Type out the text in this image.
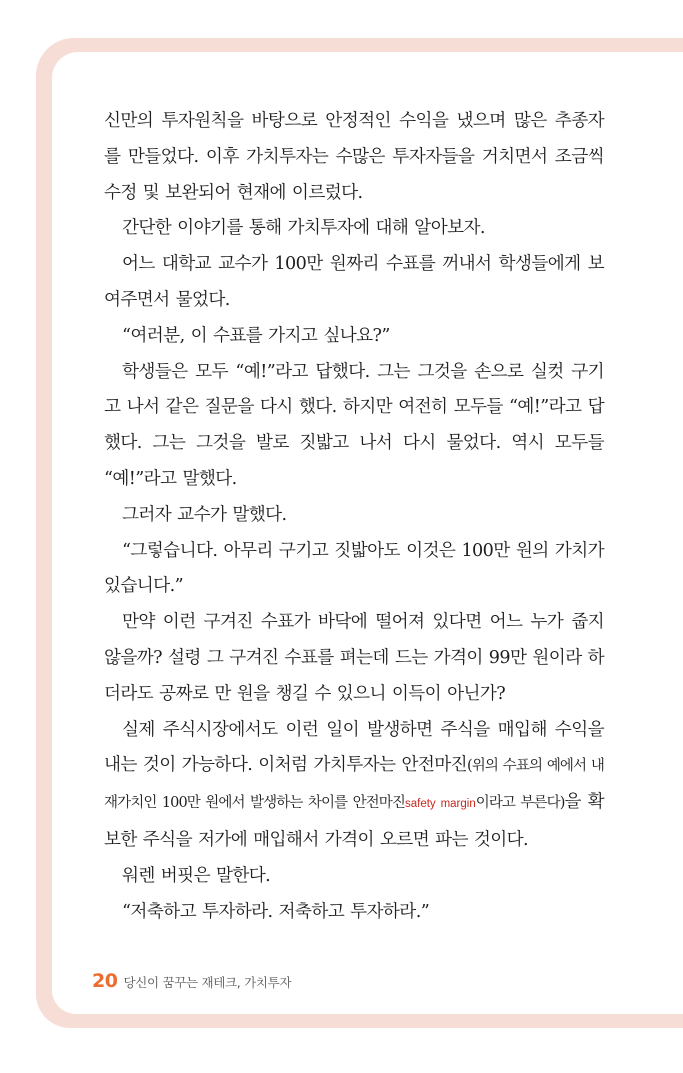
신만의 투자원칙을 바탕으로 안정적인 수익을 냈으며 많은 추종자를 만들었다. 이후 가치투자는 수많은 투자자들을 거치면서 조금씩 수정 및 보완되어 현재에 이르렀다.

간단한 이야기를 통해 가치투자에 대해 알아보자.

어느 대학교 교수가 100만 원짜리 수표를 꺼내서 학생들에게 보여주면서 물었다.

“여러분, 이 수표를 가지고 싶나요?”

학생들은 모두 “예!”라고 답했다. 그는 그것을 손으로 실컷 구기고 나서 같은 질문을 다시 했다. 하지만 여전히 모두들 “예!”라고 답했다. 그는 그것을 발로 짓밟고 나서 다시 물었다. 역시 모두들 “예!”라고 말했다.

그러자 교수가 말했다.

“그렇습니다. 아무리 구기고 짓밟아도 이것은 100만 원의 가치가 있습니다.”

만약 이런 구겨진 수표가 바닥에 떨어져 있다면 어느 누가 줍지 않을까? 설령 그 구겨진 수표를 펴는데 드는 가격이 99만 원이라 하더라도 공짜로 만 원을 챙길 수 있으니 이득이 아닌가?

실제 주식시장에서도 이런 일이 발생하면 주식을 매입해 수익을 내는 것이 가능하다. 이처럼 가치투자는 안전마진(위의 수표의 예에서 내재가치인 100만 원에서 발생하는 차이를 안전마진safety margin이라고 부른다)을 확보한 주식을 저가에 매입해서 가격이 오르면 파는 것이다.

워렌 버핏은 말한다.

“저축하고 투자하라. 저축하고 투자하라.”

20 당신이 꿈꾸는 재테크, 가치투자
